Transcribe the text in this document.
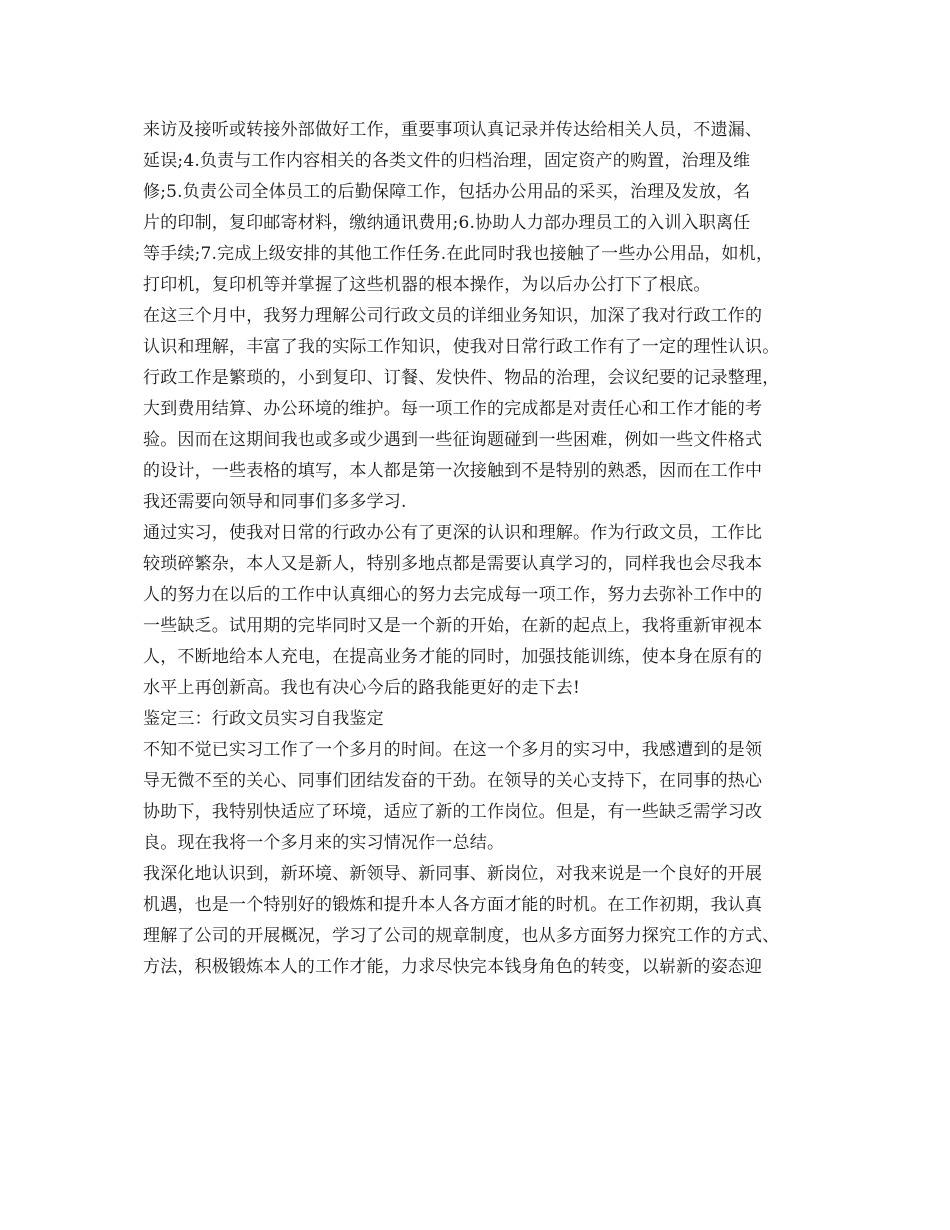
来访及接听或转接外部做好工作，重要事项认真记录并传达给相关人员，不遗漏、
延误;4.负责与工作内容相关的各类文件的归档治理，固定资产的购置，治理及维
修;5.负责公司全体员工的后勤保障工作，包括办公用品的采买，治理及发放，名
片的印制，复印邮寄材料，缴纳通讯费用;6.协助人力部办理员工的入训入职离任
等手续;7.完成上级安排的其他工作任务.在此同时我也接触了一些办公用品，如机，
打印机，复印机等并掌握了这些机器的根本操作，为以后办公打下了根底。
在这三个月中，我努力理解公司行政文员的详细业务知识，加深了我对行政工作的
认识和理解，丰富了我的实际工作知识，使我对日常行政工作有了一定的理性认识。
行政工作是繁琐的，小到复印、订餐、发快件、物品的治理，会议纪要的记录整理，
大到费用结算、办公环境的维护。每一项工作的完成都是对责任心和工作才能的考
验。因而在这期间我也或多或少遇到一些征询题碰到一些困难，例如一些文件格式
的设计，一些表格的填写，本人都是第一次接触到不是特别的熟悉，因而在工作中
我还需要向领导和同事们多多学习.
通过实习，使我对日常的行政办公有了更深的认识和理解。作为行政文员，工作比
较琐碎繁杂，本人又是新人，特别多地点都是需要认真学习的，同样我也会尽我本
人的努力在以后的工作中认真细心的努力去完成每一项工作，努力去弥补工作中的
一些缺乏。试用期的完毕同时又是一个新的开始，在新的起点上，我将重新审视本
人，不断地给本人充电，在提高业务才能的同时，加强技能训练，使本身在原有的
水平上再创新高。我也有决心今后的路我能更好的走下去!
鉴定三：行政文员实习自我鉴定
不知不觉已实习工作了一个多月的时间。在这一个多月的实习中，我感遭到的是领
导无微不至的关心、同事们团结发奋的干劲。在领导的关心支持下，在同事的热心
协助下，我特别快适应了环境，适应了新的工作岗位。但是，有一些缺乏需学习改
良。现在我将一个多月来的实习情况作一总结。
我深化地认识到，新环境、新领导、新同事、新岗位，对我来说是一个良好的开展
机遇，也是一个特别好的锻炼和提升本人各方面才能的时机。在工作初期，我认真
理解了公司的开展概况，学习了公司的规章制度，也从多方面努力探究工作的方式、
方法，积极锻炼本人的工作才能，力求尽快完本钱身角色的转变，以崭新的姿态迎
